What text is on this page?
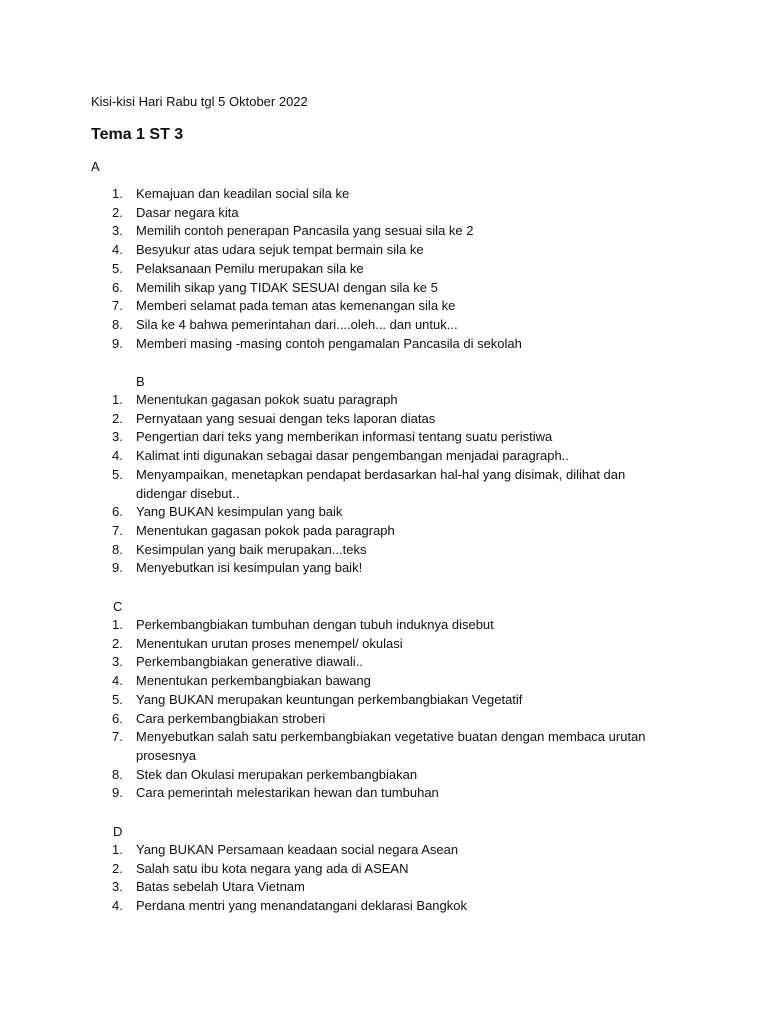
Kisi-kisi Hari Rabu tgl 5 Oktober 2022
Tema 1 ST 3
A
1.	Kemajuan dan keadilan social sila ke
2.	Dasar negara kita
3.	Memilih contoh penerapan Pancasila yang sesuai sila ke 2
4.	Besyukur atas udara sejuk tempat bermain sila ke
5.	Pelaksanaan Pemilu merupakan sila ke
6.	Memilih sikap yang TIDAK SESUAI dengan sila ke 5
7.	Memberi selamat pada teman atas kemenangan sila ke
8.	Sila ke 4 bahwa pemerintahan dari....oleh... dan untuk...
9.	Memberi masing -masing contoh pengamalan Pancasila di sekolah
B
1.	Menentukan gagasan pokok suatu paragraph
2.	Pernyataan yang sesuai dengan teks laporan diatas
3.	Pengertian dari teks yang memberikan informasi tentang suatu peristiwa
4.	Kalimat inti digunakan sebagai dasar pengembangan menjadai paragraph..
5.	Menyampaikan, menetapkan pendapat berdasarkan hal-hal yang disimak, dilihat dan didengar disebut..
6.	Yang BUKAN kesimpulan yang baik
7.	Menentukan gagasan pokok pada paragraph
8.	Kesimpulan yang baik merupakan...teks
9.	Menyebutkan isi kesimpulan yang baik!
C
1.	Perkembangbiakan tumbuhan dengan tubuh induknya disebut
2.	Menentukan urutan proses menempel/ okulasi
3.	Perkembangbiakan generative diawali..
4.	Menentukan perkembangbiakan bawang
5.	Yang BUKAN merupakan keuntungan perkembangbiakan Vegetatif
6.	Cara perkembangbiakan stroberi
7.	Menyebutkan salah satu perkembangbiakan vegetative buatan dengan membaca urutan prosesnya
8.	Stek dan Okulasi merupakan perkembangbiakan
9.	Cara pemerintah melestarikan hewan dan tumbuhan
D
1.	Yang BUKAN Persamaan keadaan social negara Asean
2.	Salah satu ibu kota negara yang ada di ASEAN
3.	Batas sebelah Utara Vietnam
4.	Perdana mentri yang menandatangani deklarasi Bangkok
